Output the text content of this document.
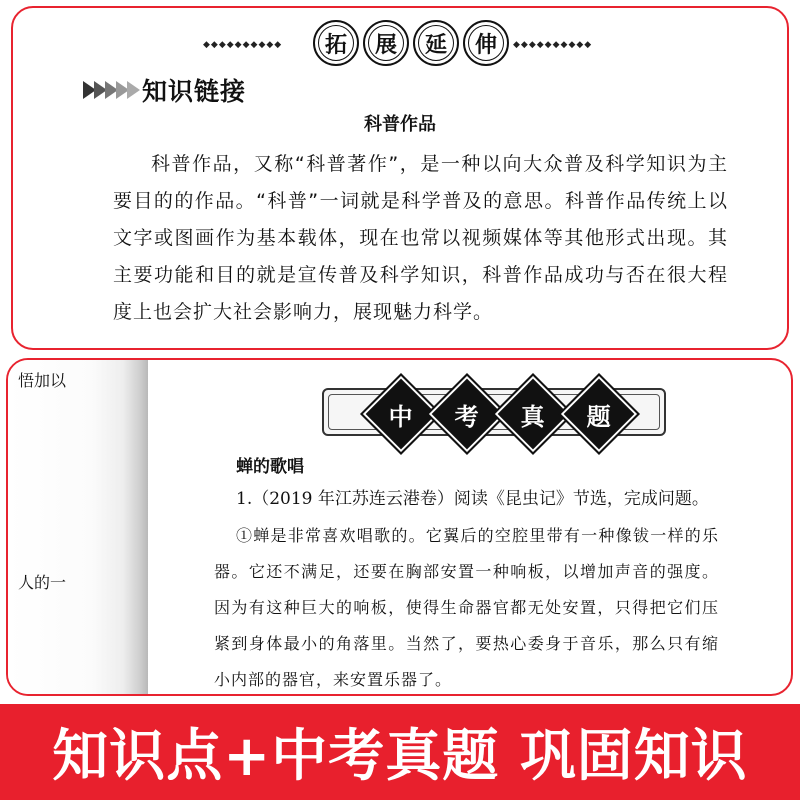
◆◆◆◆◆◆◆◆◆◆	拓 展 延 伸 ◆◆◆◆◆◆◆◆◆◆
知识链接
科普作品
科普作品，又称“科普著作”，是一种以向大众普及科学知识为主要目的的作品。“科普”一词就是科学普及的意思。科普作品传统上以文字或图画作为基本载体，现在也常以视频媒体等其他形式出现。其主要功能和目的就是宣传普及科学知识，科普作品成功与否在很大程度上也会扩大社会影响力，展现魅力科学。
悟加以
人的一
中 考 真 题
蝉的歌唱
1.（2019 年江苏连云港卷）阅读《昆虫记》节选，完成问题。
①蝉是非常喜欢唱歌的。它翼后的空腔里带有一种像钹一样的乐器。它还不满足，还要在胸部安置一种响板，以增加声音的强度。因为有这种巨大的响板，使得生命器官都无处安置，只得把它们压紧到身体最小的角落里。当然了，要热心委身于音乐，那么只有缩小内部的器官，来安置乐器了。
知识点+中考真题 巩固知识
